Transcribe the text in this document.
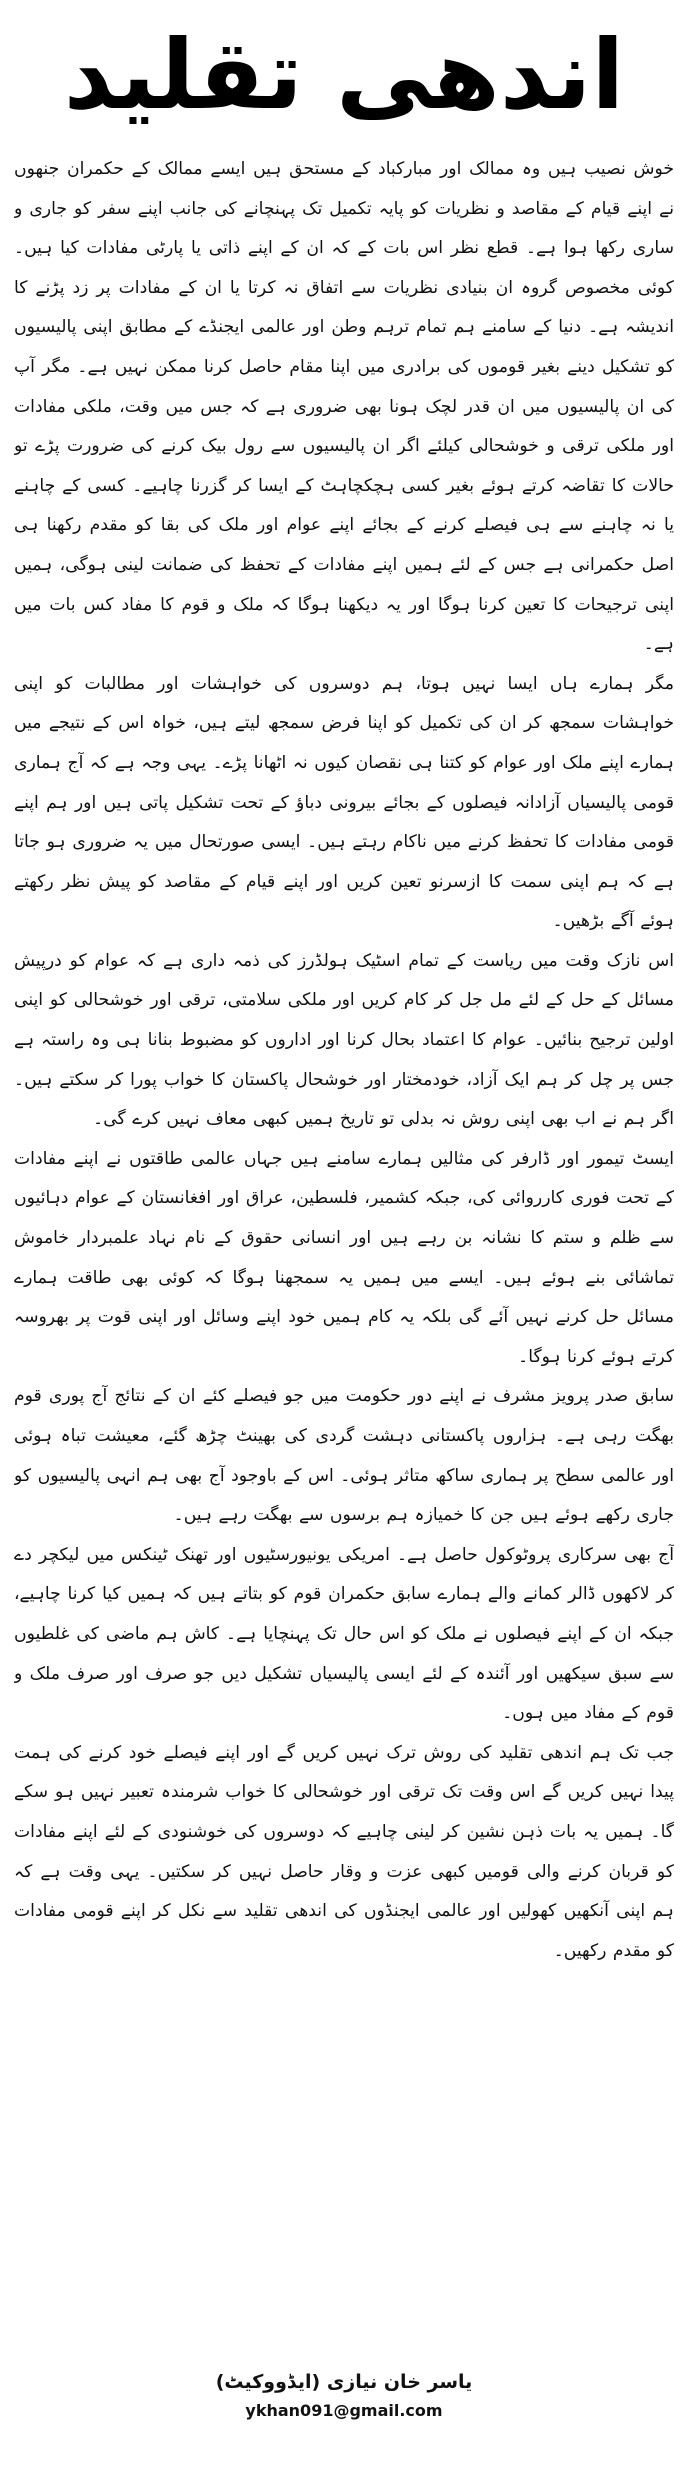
اندھی تقلید

خوش نصیب ہیں وہ ممالک اور مبارکباد کے مستحق ہیں ایسے ممالک کے حکمران جنھوں نے اپنے قیام کے مقاصد و نظریات کو پایہ تکمیل تک پہنچانے کی جانب اپنے سفر کو جاری و ساری رکھا ہوا ہے۔ قطع نظر اس بات کے کہ ان کے اپنے ذاتی یا پارٹی مفادات کیا ہیں۔ کوئی مخصوص گروہ ان بنیادی نظریات سے اتفاق نہ کرتا یا ان کے مفادات پر زد پڑنے کا اندیشہ ہے۔ دنیا کے سامنے ہم تمام ترہم وطن اور عالمی ایجنڈے کے مطابق اپنی پالیسیوں کو تشکیل دینے بغیر قوموں کی برادری میں اپنا مقام حاصل کرنا ممکن نہیں ہے۔ مگر آپ کی ان پالیسیوں میں ان قدر لچک ہونا بھی ضروری ہے کہ جس میں وقت، ملکی مفادات اور ملکی ترقی و خوشحالی کیلئے اگر ان پالیسیوں سے رول بیک کرنے کی ضرورت پڑے تو حالات کا تقاضہ کرتے ہوئے بغیر کسی ہچکچاہٹ کے ایسا کر گزرنا چاہیے۔ کسی کے چاہنے یا نہ چاہنے سے ہی فیصلے کرنے کے بجائے اپنے عوام اور ملک کی بقا کو مقدم رکھنا ہی اصل حکمرانی ہے جس کے لئے ہمیں اپنے مفادات کے تحفظ کی ضمانت لینی ہوگی، ہمیں اپنی ترجیحات کا تعین کرنا ہوگا اور یہ دیکھنا ہوگا کہ ملک و قوم کا مفاد کس بات میں ہے۔

مگر ہمارے ہاں ایسا نہیں ہوتا، ہم دوسروں کی خواہشات اور مطالبات کو اپنی خواہشات سمجھ کر ان کی تکمیل کو اپنا فرض سمجھ لیتے ہیں، خواہ اس کے نتیجے میں ہمارے اپنے ملک اور عوام کو کتنا ہی نقصان کیوں نہ اٹھانا پڑے۔ یہی وجہ ہے کہ آج ہماری قومی پالیسیاں آزادانہ فیصلوں کے بجائے بیرونی دباؤ کے تحت تشکیل پاتی ہیں اور ہم اپنے قومی مفادات کا تحفظ کرنے میں ناکام رہتے ہیں۔ ایسی صورتحال میں یہ ضروری ہو جاتا ہے کہ ہم اپنی سمت کا ازسرنو تعین کریں اور اپنے قیام کے مقاصد کو پیش نظر رکھتے ہوئے آگے بڑھیں۔

اس نازک وقت میں ریاست کے تمام اسٹیک ہولڈرز کی ذمہ داری ہے کہ عوام کو درپیش مسائل کے حل کے لئے مل جل کر کام کریں اور ملکی سلامتی، ترقی اور خوشحالی کو اپنی اولین ترجیح بنائیں۔ عوام کا اعتماد بحال کرنا اور اداروں کو مضبوط بنانا ہی وہ راستہ ہے جس پر چل کر ہم ایک آزاد، خودمختار اور خوشحال پاکستان کا خواب پورا کر سکتے ہیں۔ اگر ہم نے اب بھی اپنی روش نہ بدلی تو تاریخ ہمیں کبھی معاف نہیں کرے گی۔

ایسٹ تیمور اور ڈارفر کی مثالیں ہمارے سامنے ہیں جہاں عالمی طاقتوں نے اپنے مفادات کے تحت فوری کارروائی کی، جبکہ کشمیر، فلسطین، عراق اور افغانستان کے عوام دہائیوں سے ظلم و ستم کا نشانہ بن رہے ہیں اور انسانی حقوق کے نام نہاد علمبردار خاموش تماشائی بنے ہوئے ہیں۔ ایسے میں ہمیں یہ سمجھنا ہوگا کہ کوئی بھی طاقت ہمارے مسائل حل کرنے نہیں آئے گی بلکہ یہ کام ہمیں خود اپنے وسائل اور اپنی قوت پر بھروسہ کرتے ہوئے کرنا ہوگا۔

سابق صدر پرویز مشرف نے اپنے دور حکومت میں جو فیصلے کئے ان کے نتائج آج پوری قوم بھگت رہی ہے۔ ہزاروں پاکستانی دہشت گردی کی بھینٹ چڑھ گئے، معیشت تباہ ہوئی اور عالمی سطح پر ہماری ساکھ متاثر ہوئی۔ اس کے باوجود آج بھی ہم انہی پالیسیوں کو جاری رکھے ہوئے ہیں جن کا خمیازہ ہم برسوں سے بھگت رہے ہیں۔

آج بھی سرکاری پروٹوکول حاصل ہے۔ امریکی یونیورسٹیوں اور تھنک ٹینکس میں لیکچر دے کر لاکھوں ڈالر کمانے والے ہمارے سابق حکمران قوم کو بتاتے ہیں کہ ہمیں کیا کرنا چاہیے، جبکہ ان کے اپنے فیصلوں نے ملک کو اس حال تک پہنچایا ہے۔ کاش ہم ماضی کی غلطیوں سے سبق سیکھیں اور آئندہ کے لئے ایسی پالیسیاں تشکیل دیں جو صرف اور صرف ملک و قوم کے مفاد میں ہوں۔

جب تک ہم اندھی تقلید کی روش ترک نہیں کریں گے اور اپنے فیصلے خود کرنے کی ہمت پیدا نہیں کریں گے اس وقت تک ترقی اور خوشحالی کا خواب شرمندہ تعبیر نہیں ہو سکے گا۔ ہمیں یہ بات ذہن نشین کر لینی چاہیے کہ دوسروں کی خوشنودی کے لئے اپنے مفادات کو قربان کرنے والی قومیں کبھی عزت و وقار حاصل نہیں کر سکتیں۔ یہی وقت ہے کہ ہم اپنی آنکھیں کھولیں اور عالمی ایجنڈوں کی اندھی تقلید سے نکل کر اپنے قومی مفادات کو مقدم رکھیں۔

یاسر خان نیازی (ایڈووکیٹ)
ykhan091@gmail.com
